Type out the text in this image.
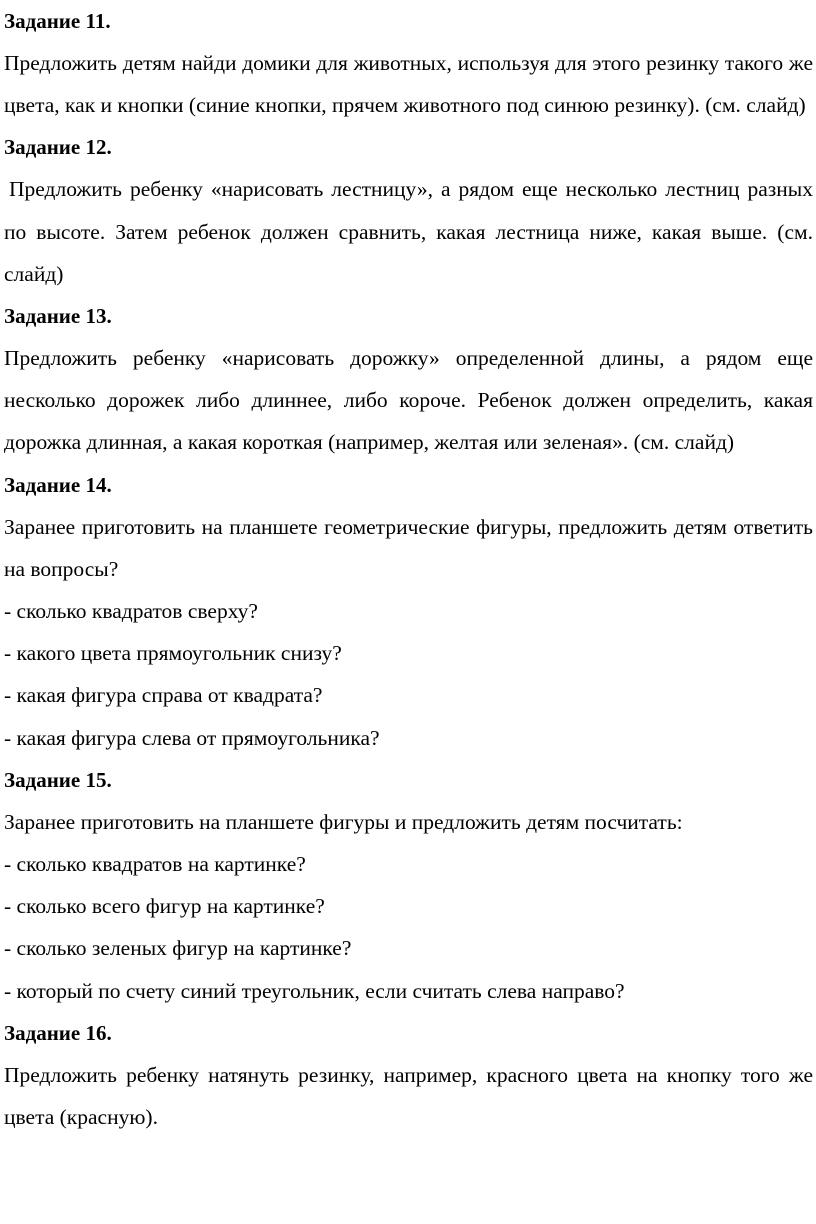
Задание 11.

Предложить детям найди домики для животных, используя для этого резинку такого же цвета, как и кнопки (синие кнопки, прячем животного под синюю резинку). (см. слайд)

Задание 12.

Предложить ребенку «нарисовать лестницу», а рядом еще несколько лестниц разных по высоте. Затем ребенок должен сравнить, какая лестница ниже, какая выше. (см. слайд)

Задание 13.

Предложить ребенку «нарисовать дорожку» определенной длины, а рядом еще несколько дорожек либо длиннее, либо короче. Ребенок должен определить, какая дорожка длинная, а какая короткая (например, желтая или зеленая». (см. слайд)

Задание 14.

Заранее приготовить на планшете геометрические фигуры, предложить детям ответить на вопросы?

- сколько квадратов сверху?
- какого цвета прямоугольник снизу?
- какая фигура справа от квадрата?
- какая фигура слева от прямоугольника?
Задание 15.

Заранее приготовить на планшете фигуры и предложить детям посчитать:

- сколько квадратов на картинке?
- сколько всего фигур на картинке?
- сколько зеленых фигур на картинке?
- который по счету синий треугольник, если считать слева направо?
Задание 16.

Предложить ребенку натянуть резинку, например, красного цвета на кнопку того же цвета (красную).
